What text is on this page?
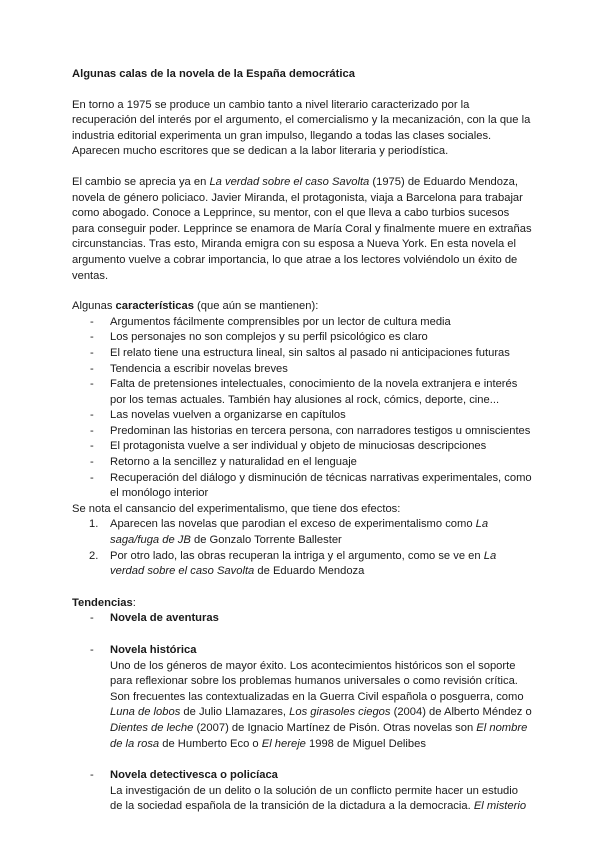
Algunas calas de la novela de la España democrática

En torno a 1975 se produce un cambio tanto a nivel literario caracterizado por la recuperación del interés por el argumento, el comercialismo y la mecanización, con la que la industria editorial experimenta un gran impulso, llegando a todas las clases sociales. Aparecen mucho escritores que se dedican a la labor literaria y periodística.

El cambio se aprecia ya en La verdad sobre el caso Savolta (1975) de Eduardo Mendoza, novela de género policiaco. Javier Miranda, el protagonista, viaja a Barcelona para trabajar como abogado. Conoce a Lepprince, su mentor, con el que lleva a cabo turbios sucesos para conseguir poder. Lepprince se enamora de María Coral y finalmente muere en extrañas circunstancias. Tras esto, Miranda emigra con su esposa a Nueva York. En esta novela el argumento vuelve a cobrar importancia, lo que atrae a los lectores volviéndolo un éxito de ventas.

Algunas características (que aún se mantienen):
- Argumentos fácilmente comprensibles por un lector de cultura media
- Los personajes no son complejos y su perfil psicológico es claro
- El relato tiene una estructura lineal, sin saltos al pasado ni anticipaciones futuras
- Tendencia a escribir novelas breves
- Falta de pretensiones intelectuales, conocimiento de la novela extranjera e interés por los temas actuales. También hay alusiones al rock, cómics, deporte, cine...
- Las novelas vuelven a organizarse en capítulos
- Predominan las historias en tercera persona, con narradores testigos u omniscientes
- El protagonista vuelve a ser individual y objeto de minuciosas descripciones
- Retorno a la sencillez y naturalidad en el lenguaje
- Recuperación del diálogo y disminución de técnicas narrativas experimentales, como el monólogo interior
Se nota el cansancio del experimentalismo, que tiene dos efectos:
1. Aparecen las novelas que parodian el exceso de experimentalismo como La saga/fuga de JB de Gonzalo Torrente Ballester
2. Por otro lado, las obras recuperan la intriga y el argumento, como se ve en La verdad sobre el caso Savolta de Eduardo Mendoza
Tendencias:
- Novela de aventuras
- Novela histórica
Uno de los géneros de mayor éxito. Los acontecimientos históricos son el soporte para reflexionar sobre los problemas humanos universales o como revisión crítica. Son frecuentes las contextualizadas en la Guerra Civil española o posguerra, como Luna de lobos de Julio Llamazares, Los girasoles ciegos (2004) de Alberto Méndez o Dientes de leche (2007) de Ignacio Martínez de Pisón. Otras novelas son El nombre de la rosa de Humberto Eco o El hereje 1998 de Miguel Delibes
- Novela detectivesca o policíaca
La investigación de un delito o la solución de un conflicto permite hacer un estudio de la sociedad española de la transición de la dictadura a la democracia. El misterio
